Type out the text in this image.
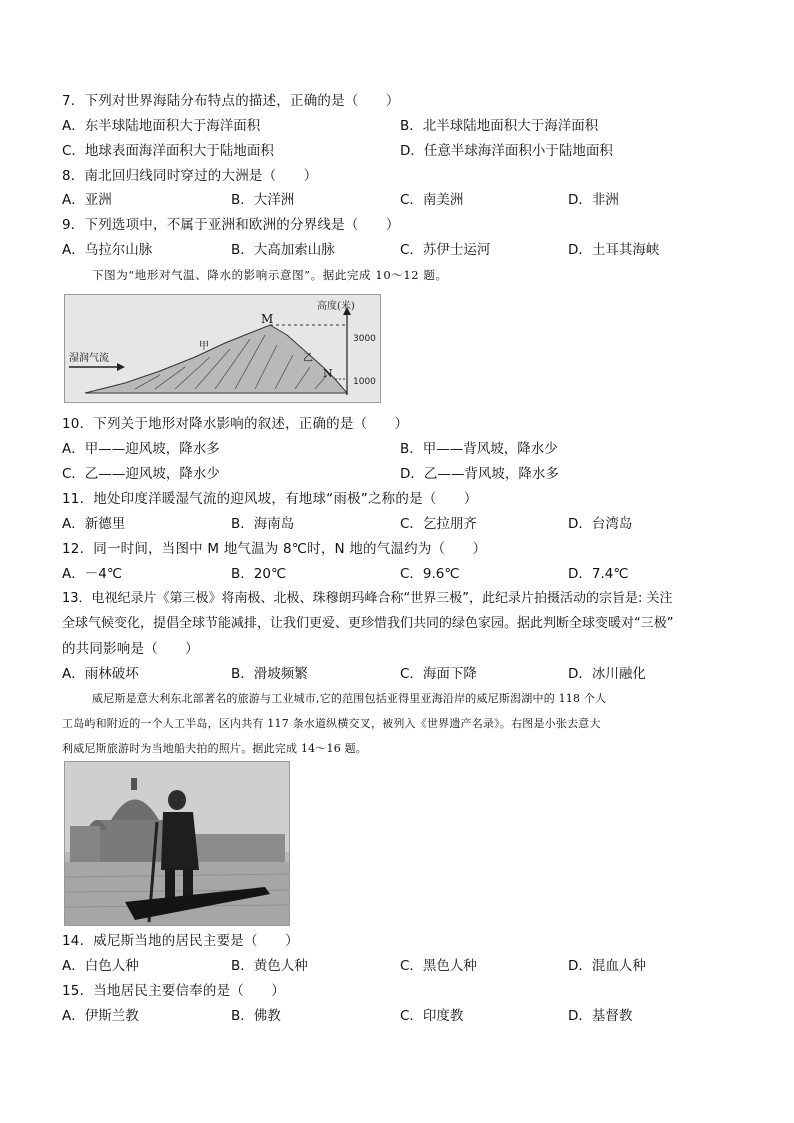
7．下列对世界海陆分布特点的描述，正确的是（　　）
A．东半球陆地面积大于海洋面积	B．北半球陆地面积大于海洋面积
C．地球表面海洋面积大于陆地面积	D．任意半球海洋面积小于陆地面积
8．南北回归线同时穿过的大洲是（　　）
A．亚洲	B．大洋洲	C．南美洲	D．非洲
9．下列选项中，不属于亚洲和欧洲的分界线是（　　）
A．乌拉尔山脉	B．大高加索山脉	C．苏伊士运河	D．土耳其海峡
下图为“地形对气温、降水的影响示意图”。据此完成 10～12 题。
高度(米)
3000
1000
M
N
甲
乙
湿润气流
10．下列关于地形对降水影响的叙述，正确的是（　　）
A．甲——迎风坡，降水多	B．甲——背风坡，降水少
C．乙——迎风坡，降水少	D．乙——背风坡，降水多
11．地处印度洋暖湿气流的迎风坡，有地球“雨极”之称的是（　　）
A．新德里	B．海南岛	C．乞拉朋齐	D．台湾岛
12．同一时间，当图中 M 地气温为 8℃时，N 地的气温约为（　　）
A．－4℃	B．20℃	C．9.6℃	D．7.4℃
13．电视纪录片《第三极》将南极、北极、珠穆朗玛峰合称“世界三极”，此纪录片拍摄活动的宗旨是: 关注
全球气候变化，提倡全球节能减排，让我们更爱、更珍惜我们共同的绿色家园。据此判断全球变暖对“三极”
的共同影响是（　　）
A．雨林破坏	B．滑坡频繁	C．海面下降	D．冰川融化
威尼斯是意大利东北部著名的旅游与工业城市,它的范围包括亚得里亚海沿岸的威尼斯潟湖中的 118 个人
工岛屿和附近的一个人工半岛，区内共有 117 条水道纵横交叉，被列入《世界遗产名录》。右图是小张去意大
利威尼斯旅游时为当地船夫拍的照片。据此完成 14～16 题。
14．威尼斯当地的居民主要是（　　）
A．白色人种	B．黄色人种	C．黑色人种	D．混血人种
15．当地居民主要信奉的是（　　）
A．伊斯兰教	B．佛教	C．印度教	D．基督教
